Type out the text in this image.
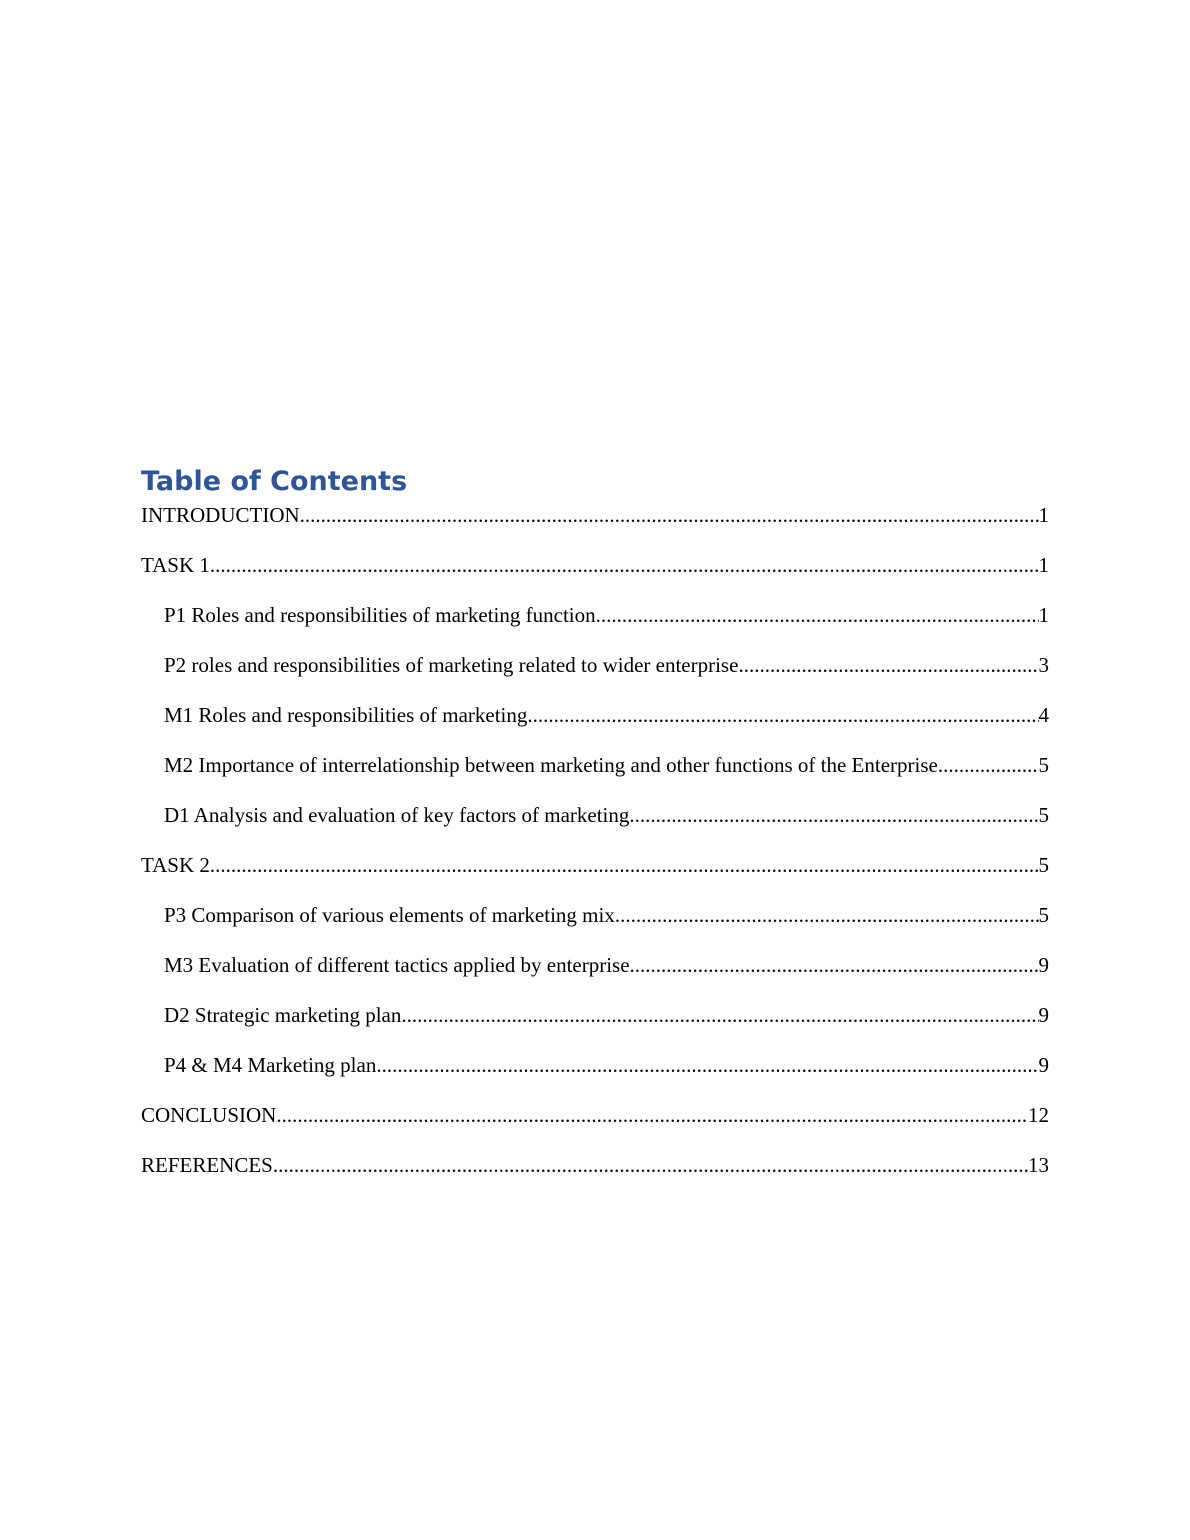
Table of Contents
INTRODUCTION .....	1
TASK 1 .....	1
P1 Roles and responsibilities of marketing function .....	1
P2 roles and responsibilities of marketing related to wider enterprise .....	3
M1 Roles and responsibilities of marketing .....	4
M2 Importance of interrelationship between marketing and other functions of the Enterprise. .....	5
D1 Analysis and evaluation of key factors of marketing .....	5
TASK 2 .....	5
P3 Comparison of various elements of marketing mix .....	5
M3 Evaluation of different tactics applied by enterprise .....	9
D2 Strategic marketing plan .....	9
P4 & M4 Marketing plan .....	9
CONCLUSION .....	12
REFERENCES .....	13
